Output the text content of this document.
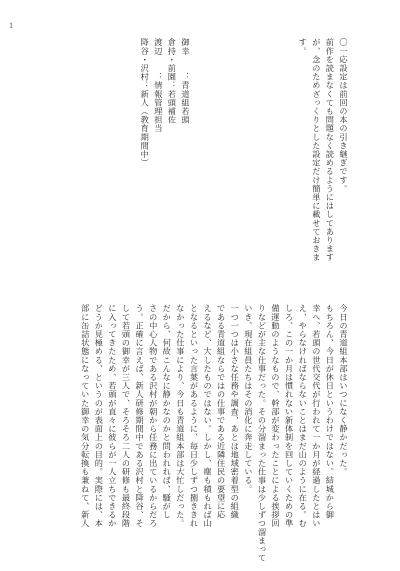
1
〇一応設定は前回の本の引き継ぎです。
前作を読まなくても問題なく読めるようにはしてあります
が、念のためざっくりとした設定だけ簡単に載せておきま
す。
御幸　　：青道組若頭
倉持・前園：若頭補佐
渡辺　　：情報管理担当
降谷・沢村：新人（教育期間中）
今日の青道組本部はいつになく静かだった。
もちろん、今日が休日というわけではない。結城から御
幸へ、若頭の世代交代が行われて一か月が経過したとはい
え、やらなければならないことはまだ山のように在る。む
しろ、この一か月は慣れない新体制を回していくための準
備運動のようなもので、幹部が変わったことによる挨拶回
りなどが主な仕事だった。その分溜まった仕事は少しずつ溜まって
いき、現在組員たちはその消化に奔走している。
一つ一つは小さな任務や調査、あとは地域密着型の組織
である青道組ならではの仕事である近隣住民の要望に応
えるなど、大したものではない。しかし、塵も積もれば山
となるといった言葉があるように、毎日少しずつ捌ききれ
なかった仕事により、今日も青道組本部は大忙しだった。
だから、何故こんなに静かなのかと問われれば、騒がし
さの中心人物である沢村が朝から任務に出ているからだろ
う。正確に言えば、新人研修期間中である沢村と降谷、そ
して若頭の御幸が三人で、そろそろ二人の研修も最終段階
に入ってきたため、若頭が直々に彼らが一人立ちできるか
どうか見極める、というのが表面上の目的。実際には、本
部に缶詰状態になっていた御幸の気分転換も兼ねて、新人
